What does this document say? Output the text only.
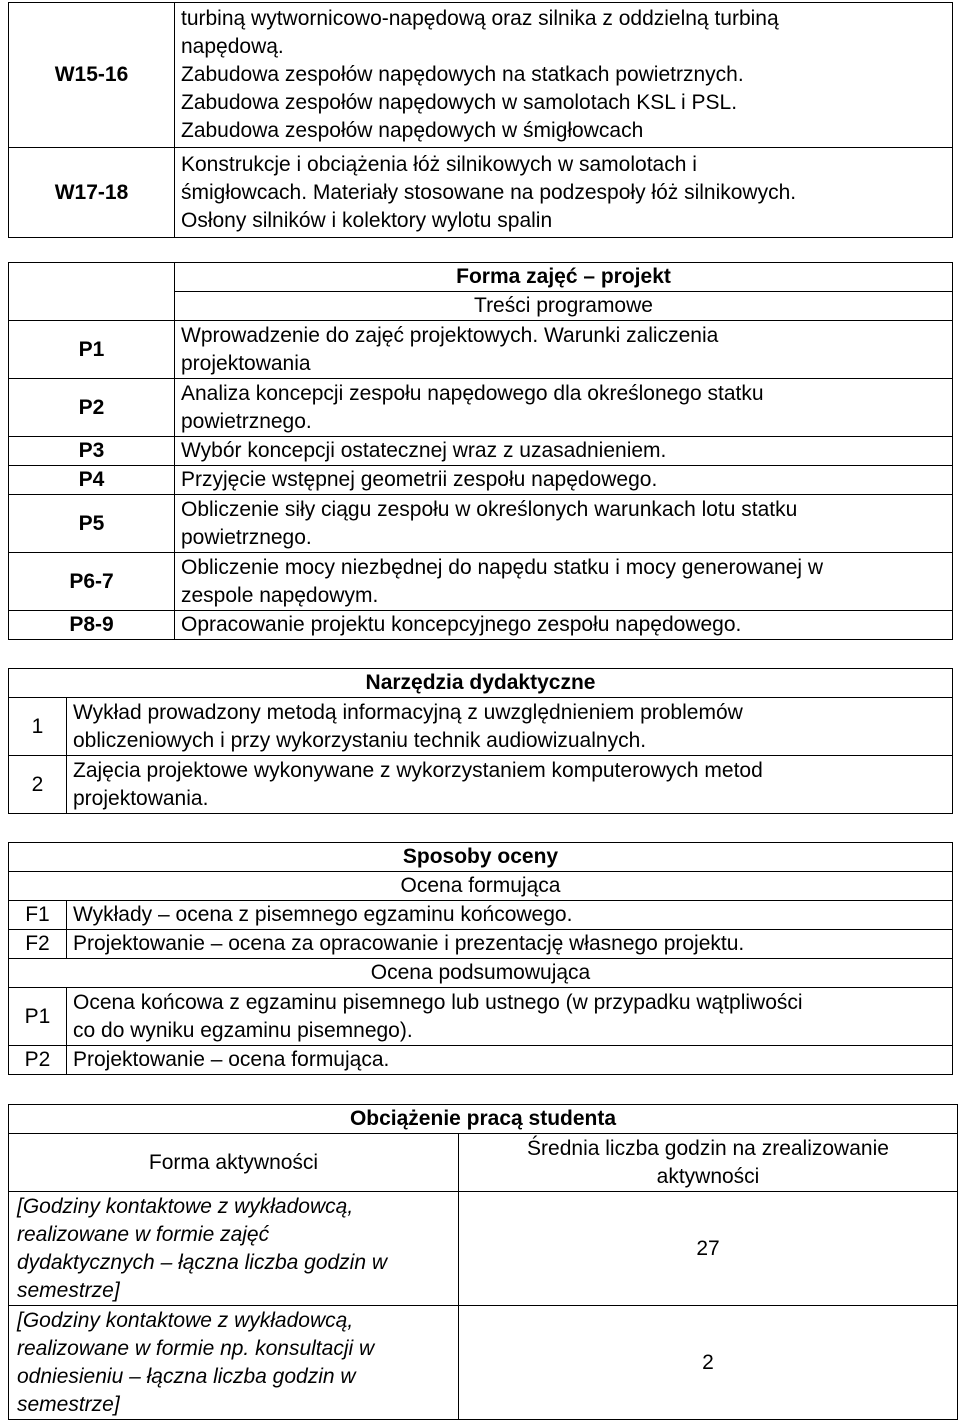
W15-16	turbiną wytwornicowo-napędową oraz silnika z oddzielną turbiną
napędową.
Zabudowa zespołów napędowych na statkach powietrznych.
Zabudowa zespołów napędowych w samolotach KSL i PSL.
Zabudowa zespołów napędowych w śmigłowcach

W17-18	Konstrukcje i obciążenia łóż silnikowych w samolotach i
śmigłowcach. Materiały stosowane na podzespoły łóż silnikowych.
Osłony silników i kolektory wylotu spalin
	Forma zajęć – projekt
	Treści programowe
P1	Wprowadzenie do zajęć projektowych. Warunki zaliczenia
projektowania

P2	Analiza koncepcji zespołu napędowego dla określonego statku
powietrznego.

P3	Wybór koncepcji ostatecznej wraz z uzasadnieniem.

P4	Przyjęcie wstępnej geometrii zespołu napędowego.

P5	Obliczenie siły ciągu zespołu w określonych warunkach lotu statku
powietrznego.

P6-7	Obliczenie mocy niezbędnej do napędu statku i mocy generowanej w
zespole napędowym.

P8-9	Opracowanie projektu koncepcyjnego zespołu napędowego.
Narzędzia dydaktyczne	
1	Wykład prowadzony metodą informacyjną z uwzględnieniem problemów
obliczeniowych i przy wykorzystaniu technik audiowizualnych.

2	Zajęcia projektowe wykonywane z wykorzystaniem komputerowych metod
projektowania.
Sposoby oceny	
Ocena formująca	
F1	Wykłady – ocena z pisemnego egzaminu końcowego.

F2	Projektowanie – ocena za opracowanie i prezentację własnego projektu.

Ocena podsumowująca	
P1	Ocena końcowa z egzaminu pisemnego lub ustnego (w przypadku wątpliwości
co do wyniku egzaminu pisemnego).

P2	Projektowanie – ocena formująca.
Obciążenie pracą studenta	
Forma aktywności	Średnia liczba godzin na zrealizowanie
aktywności

[Godziny kontaktowe z wykładowcą,
realizowane w formie zajęć
dydaktycznych – łączna liczba godzin w
semestrze]	27

[Godziny kontaktowe z wykładowcą,
realizowane w formie np. konsultacji w
odniesieniu – łączna liczba godzin w
semestrze]	2
